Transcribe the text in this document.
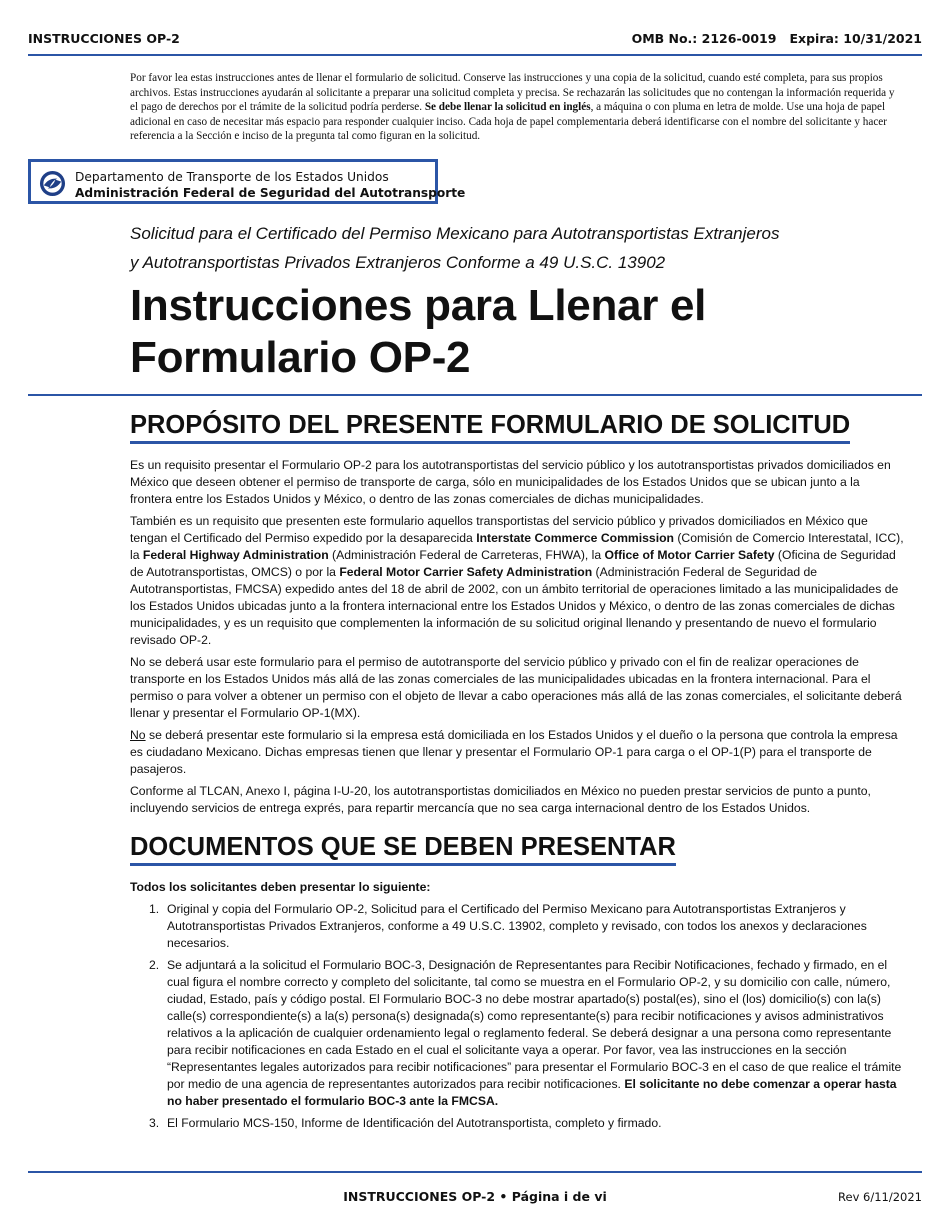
INSTRUCCIONES OP-2	OMB No.: 2126-0019 Expira: 10/31/2021
Por favor lea estas instrucciones antes de llenar el formulario de solicitud. Conserve las instrucciones y una copia de la solicitud, cuando esté completa, para sus propios archivos. Estas instrucciones ayudarán al solicitante a preparar una solicitud completa y precisa. Se rechazarán las solicitudes que no contengan la información requerida y el pago de derechos por el trámite de la solicitud podría perderse. Se debe llenar la solicitud en inglés, a máquina o con pluma en letra de molde. Use una hoja de papel adicional en caso de necesitar más espacio para responder cualquier inciso. Cada hoja de papel complementaria deberá identificarse con el nombre del solicitante y hacer referencia a la Sección e inciso de la pregunta tal como figuran en la solicitud.
Departamento de Transporte de los Estados Unidos
Administración Federal de Seguridad del Autotransporte
Solicitud para el Certificado del Permiso Mexicano para Autotransportistas Extranjeros
y Autotransportistas Privados Extranjeros Conforme a 49 U.S.C. 13902
Instrucciones para Llenar el Formulario OP-2
PROPÓSITO DEL PRESENTE FORMULARIO DE SOLICITUD

Es un requisito presentar el Formulario OP-2 para los autotransportistas del servicio público y los autotransportistas privados domiciliados en México que deseen obtener el permiso de transporte de carga, sólo en municipalidades de los Estados Unidos que se ubican junto a la frontera entre los Estados Unidos y México, o dentro de las zonas comerciales de dichas municipalidades.

También es un requisito que presenten este formulario aquellos transportistas del servicio público y privados domiciliados en México que tengan el Certificado del Permiso expedido por la desaparecida Interstate Commerce Commission (Comisión de Comercio Interestatal, ICC), la Federal Highway Administration (Administración Federal de Carreteras, FHWA), la Office of Motor Carrier Safety (Oficina de Seguridad de Autotransportistas, OMCS) o por la Federal Motor Carrier Safety Administration (Administración Federal de Seguridad de Autotransportistas, FMCSA) expedido antes del 18 de abril de 2002, con un ámbito territorial de operaciones limitado a las municipalidades de los Estados Unidos ubicadas junto a la frontera internacional entre los Estados Unidos y México, o dentro de las zonas comerciales de dichas municipalidades, y es un requisito que complementen la información de su solicitud original llenando y presentando de nuevo el formulario revisado OP-2.

No se deberá usar este formulario para el permiso de autotransporte del servicio público y privado con el fin de realizar operaciones de transporte en los Estados Unidos más allá de las zonas comerciales de las municipalidades ubicadas en la frontera internacional. Para el permiso o para volver a obtener un permiso con el objeto de llevar a cabo operaciones más allá de las zonas comerciales, el solicitante deberá llenar y presentar el Formulario OP-1(MX).

No se deberá presentar este formulario si la empresa está domiciliada en los Estados Unidos y el dueño o la persona que controla la empresa es ciudadano Mexicano. Dichas empresas tienen que llenar y presentar el Formulario OP-1 para carga o el OP-1(P) para el transporte de pasajeros.

Conforme al TLCAN, Anexo I, página I-U-20, los autotransportistas domiciliados en México no pueden prestar servicios de punto a punto, incluyendo servicios de entrega exprés, para repartir mercancía que no sea carga internacional dentro de los Estados Unidos.

DOCUMENTOS QUE SE DEBEN PRESENTAR

Todos los solicitantes deben presentar lo siguiente:

1. Original y copia del Formulario OP-2, Solicitud para el Certificado del Permiso Mexicano para Autotransportistas Extranjeros y Autotransportistas Privados Extranjeros, conforme a 49 U.S.C. 13902, completo y revisado, con todos los anexos y declaraciones necesarios.
2. Se adjuntará a la solicitud el Formulario BOC-3, Designación de Representantes para Recibir Notificaciones, fechado y firmado, en el cual figura el nombre correcto y completo del solicitante, tal como se muestra en el Formulario OP-2, y su domicilio con calle, número, ciudad, Estado, país y código postal. El Formulario BOC-3 no debe mostrar apartado(s) postal(es), sino el (los) domicilio(s) con la(s) calle(s) correspondiente(s) a la(s) persona(s) designada(s) como representante(s) para recibir notificaciones y avisos administrativos relativos a la aplicación de cualquier ordenamiento legal o reglamento federal. Se deberá designar a una persona como representante para recibir notificaciones en cada Estado en el cual el solicitante vaya a operar. Por favor, vea las instrucciones en la sección “Representantes legales autorizados para recibir notificaciones” para presentar el Formulario BOC-3 en el caso de que realice el trámite por medio de una agencia de representantes autorizados para recibir notificaciones. El solicitante no debe comenzar a operar hasta no haber presentado el formulario BOC-3 ante la FMCSA.
3. El Formulario MCS-150, Informe de Identificación del Autotransportista, completo y firmado.
INSTRUCCIONES OP-2 • Página i de vi	Rev 6/11/2021
